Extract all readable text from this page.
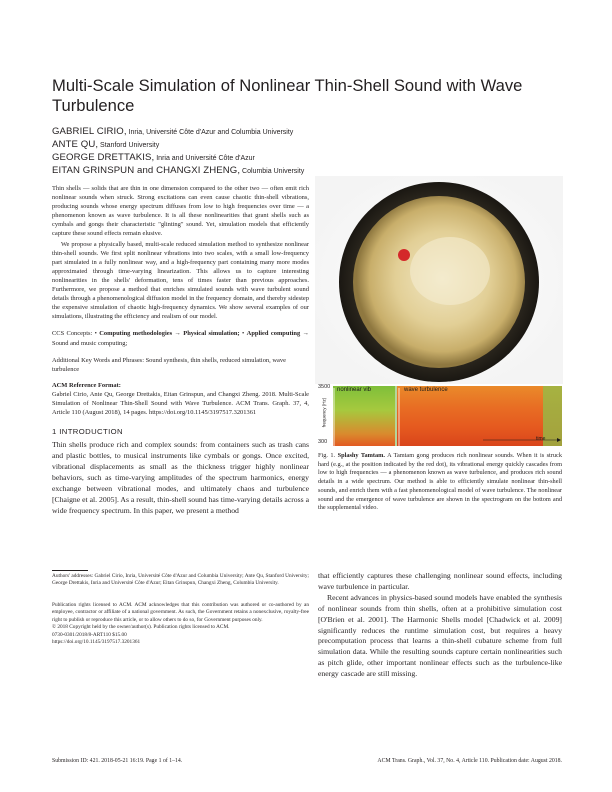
Multi-Scale Simulation of Nonlinear Thin-Shell Sound with Wave Turbulence
GABRIEL CIRIO, Inria, Université Côte d'Azur and Columbia University
ANTE QU, Stanford University
GEORGE DRETTAKIS, Inria and Université Côte d'Azur
EITAN GRINSPUN and CHANGXI ZHENG, Columbia University
Thin shells — solids that are thin in one dimension compared to the other two — often emit rich nonlinear sounds when struck. Strong excitations can even cause chaotic thin-shell vibrations, producing sounds whose energy spectrum diffuses from low to high frequencies over time — a phenomenon known as wave turbulence. It is all these nonlinearities that grant shells such as cymbals and gongs their characteristic "glinting" sound. Yet, simulation models that efficiently capture these sound effects remain elusive.
We propose a physically based, multi-scale reduced simulation method to synthesize nonlinear thin-shell sounds. We first split nonlinear vibrations into two scales, with a small low-frequency part simulated in a fully nonlinear way, and a high-frequency part containing many more modes approximated through time-varying linearization. This allows us to capture interesting nonlinearities in the shells' deformation, tens of times faster than previous approaches. Furthermore, we propose a method that enriches simulated sounds with wave turbulent sound details through a phenomenological diffusion model in the frequency domain, and thereby sidestep the expensive simulation of chaotic high-frequency dynamics. We show several examples of our simulations, illustrating the efficiency and realism of our model.
CCS Concepts: • Computing methodologies → Physical simulation; • Applied computing → Sound and music computing;
Additional Key Words and Phrases: Sound synthesis, thin shells, reduced simulation, wave turbulence
ACM Reference Format:
Gabriel Cirio, Ante Qu, George Drettakis, Eitan Grinspun, and Changxi Zheng. 2018. Multi-Scale Simulation of Nonlinear Thin-Shell Sound with Wave Turbulence. ACM Trans. Graph. 37, 4, Article 110 (August 2018), 14 pages. https://doi.org/10.1145/3197517.3201361
1 INTRODUCTION
Thin shells produce rich and complex sounds: from containers such as trash cans and plastic bottles, to musical instruments like cymbals or gongs. Once excited, vibrational displacements as small as the thickness trigger highly nonlinear behaviors, such as time-varying amplitudes of the spectrum harmonics, energy exchange between vibrational modes, and ultimately chaos and turbulence [Chaigne et al. 2005]. As a result, thin-shell sound has time-varying details across a wide frequency spectrum. In this paper, we present a method
Authors' addresses: Gabriel Cirio, Inria, Université Côte d'Azur and Columbia University; Ante Qu, Stanford University; George Drettakis, Inria and Université Côte d'Azur; Eitan Grinspun, Changxi Zheng, Columbia University.
Publication rights licensed to ACM. ACM acknowledges that this contribution was authored or co-authored by an employee, contractor or affiliate of a national government. As such, the Government retains a nonexclusive, royalty-free right to publish or reproduce this article, or to allow others to do so, for Government purposes only.
© 2018 Copyright held by the owner/author(s). Publication rights licensed to ACM.
0730-0301/2018/8-ART110 $15.00
https://doi.org/10.1145/3197517.3201361
3500
300
frequency (Hz)
nonlinear vib	wave turbulence
time
Fig. 1. Splashy Tamtam. A Tamtam gong produces rich nonlinear sounds. When it is struck hard (e.g., at the position indicated by the red dot), its vibrational energy quickly cascades from low to high frequencies — a phenomenon known as wave turbulence, and produces rich sound details in a wide spectrum. Our method is able to efficiently simulate nonlinear thin-shell sounds, and enrich them with a fast phenomenological model of wave turbulence. The nonlinear sound and the emergence of wave turbulence are shown in the spectrogram on the bottom and the supplemental video.
that efficiently captures these challenging nonlinear sound effects, including wave turbulence in particular.
Recent advances in physics-based sound models have enabled the synthesis of nonlinear sounds from thin shells, often at a prohibitive simulation cost [O'Brien et al. 2001]. The Harmonic Shells model [Chadwick et al. 2009] significantly reduces the runtime simulation cost, but requires a heavy precomputation process that learns a thin-shell cubature scheme from full simulation data. While the resulting sounds capture certain nonlinearities such as pitch glide, other important nonlinear effects such as the turbulence-like energy cascade are still missing.
Submission ID: 421. 2018-05-21 16:19. Page 1 of 1–14.	ACM Trans. Graph., Vol. 37, No. 4, Article 110. Publication date: August 2018.
